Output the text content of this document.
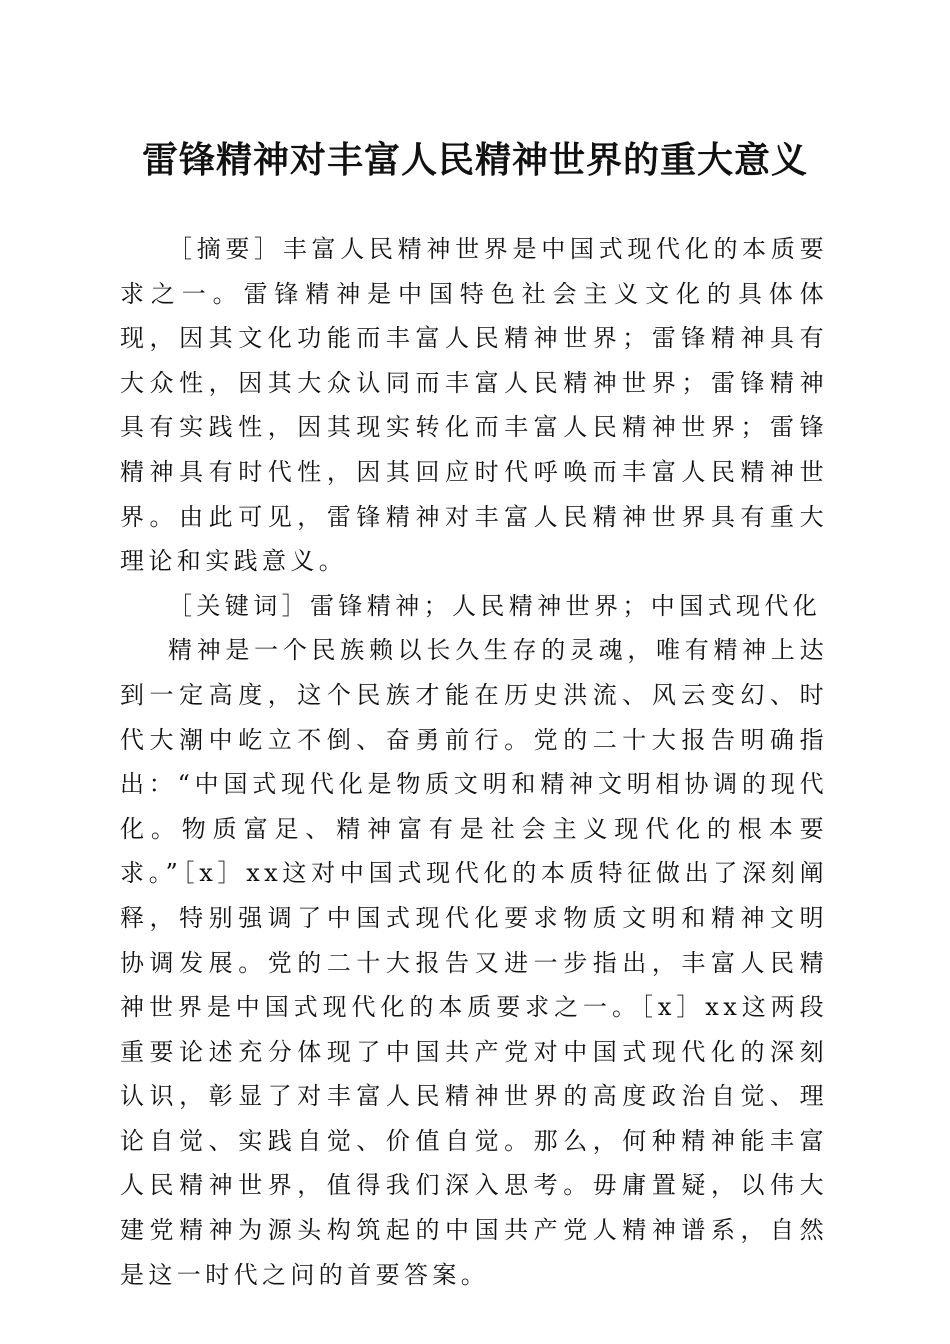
雷锋精神对丰富人民精神世界的重大意义

［摘要］丰富人民精神世界是中国式现代化的本质要求之一。雷锋精神是中国特色社会主义文化的具体体现，因其文化功能而丰富人民精神世界；雷锋精神具有大众性，因其大众认同而丰富人民精神世界；雷锋精神具有实践性，因其现实转化而丰富人民精神世界；雷锋精神具有时代性，因其回应时代呼唤而丰富人民精神世界。由此可见，雷锋精神对丰富人民精神世界具有重大理论和实践意义。

［关键词］雷锋精神；人民精神世界；中国式现代化

精神是一个民族赖以长久生存的灵魂，唯有精神上达到一定高度，这个民族才能在历史洪流、风云变幻、时代大潮中屹立不倒、奋勇前行。党的二十大报告明确指出：“中国式现代化是物质文明和精神文明相协调的现代化。物质富足、精神富有是社会主义现代化的根本要求。”［x］xx这对中国式现代化的本质特征做出了深刻阐释，特别强调了中国式现代化要求物质文明和精神文明协调发展。党的二十大报告又进一步指出，丰富人民精神世界是中国式现代化的本质要求之一。［x］xx这两段重要论述充分体现了中国共产党对中国式现代化的深刻认识，彰显了对丰富人民精神世界的高度政治自觉、理论自觉、实践自觉、价值自觉。那么，何种精神能丰富人民精神世界，值得我们深入思考。毋庸置疑，以伟大建党精神为源头构筑起的中国共产党人精神谱系，自然是这一时代之问的首要答案。
